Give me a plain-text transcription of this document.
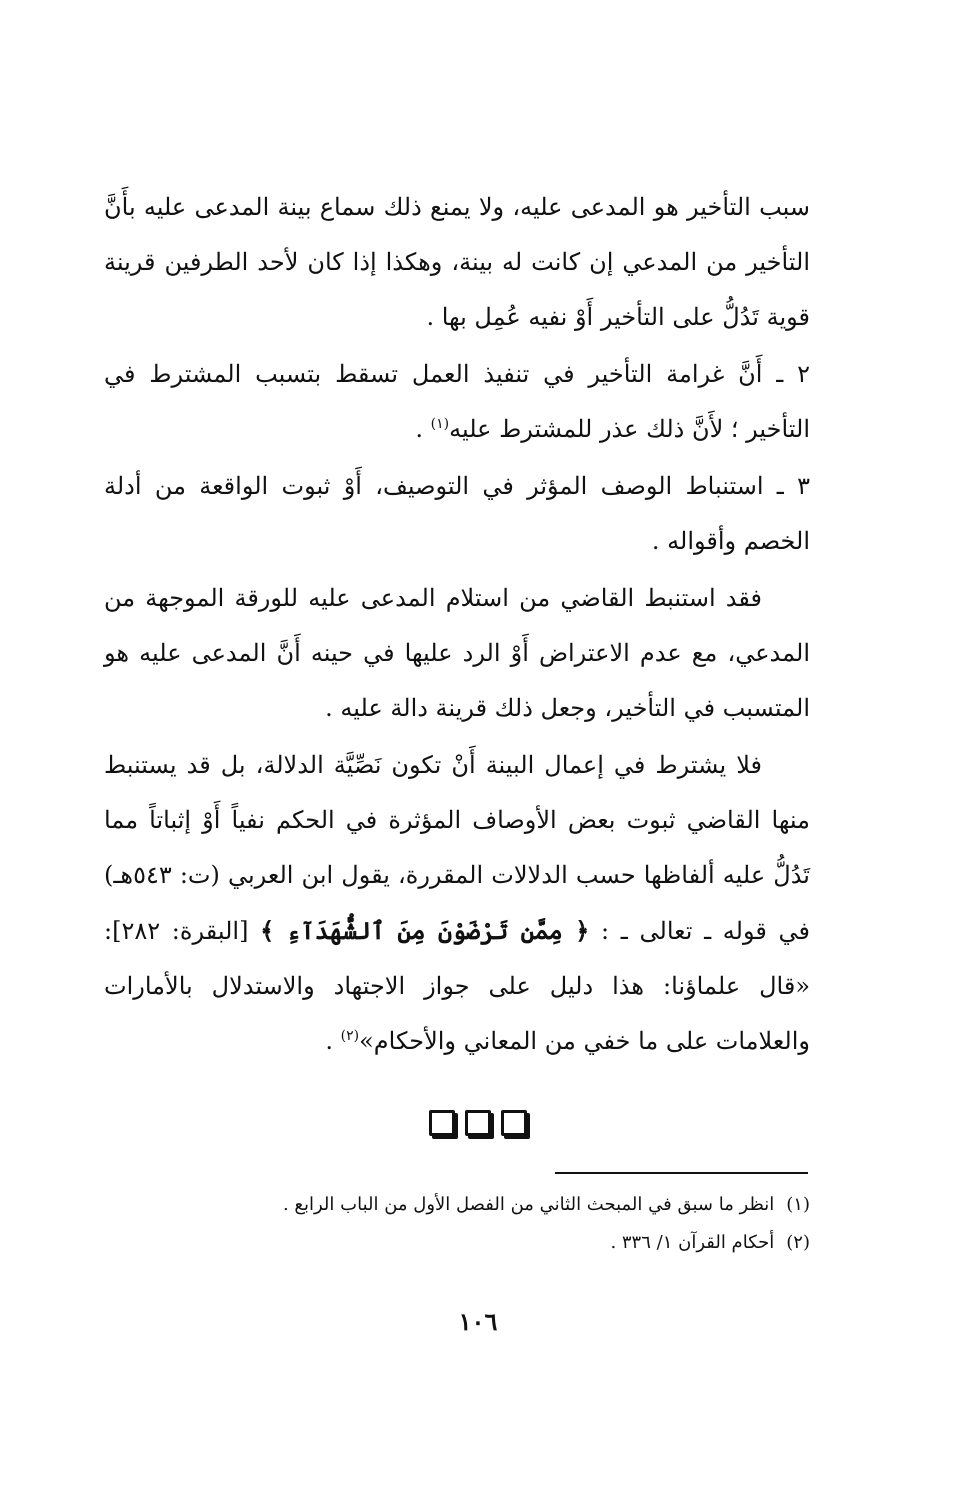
سبب التأخير هو المدعى عليه، ولا يمنع ذلك سماع بينة المدعى عليه بأَنَّ التأخير من المدعي إن كانت له بينة، وهكذا إذا كان لأحد الطرفين قرينة قوية تَدُلُّ على التأخير أَوْ نفيه عُمِل بها .

٢ ـ أَنَّ غرامة التأخير في تنفيذ العمل تسقط بتسبب المشترط في التأخير ؛ لأَنَّ ذلك عذر للمشترط عليه$^{(١)}$ .

٣ ـ استنباط الوصف المؤثر في التوصيف، أَوْ ثبوت الواقعة من أدلة الخصم وأقواله .

فقد استنبط القاضي من استلام المدعى عليه للورقة الموجهة من المدعي، مع عدم الاعتراض أَوْ الرد عليها في حينه أَنَّ المدعى عليه هو المتسبب في التأخير، وجعل ذلك قرينة دالة عليه .

فلا يشترط في إعمال البينة أَنْ تكون نَصِّيَّة الدلالة، بل قد يستنبط منها القاضي ثبوت بعض الأوصاف المؤثرة في الحكم نفياً أَوْ إثباتاً مما تَدُلُّ عليه ألفاظها حسب الدلالات المقررة، يقول ابن العربي (ت: ٥٤٣هـ) في قوله ـ تعالى ـ : ﴿ مِمَّن تَرْضَوْنَ مِنَ ٱلشُّهَدَآءِ ﴾ [البقرة: ٢٨٢]: «قال علماؤنا: هذا دليل على جواز الاجتهاد والاستدلال بالأمارات والعلامات على ما خفي من المعاني والأحكام»$^{(٢)}$ .

(١)انظر ما سبق في المبحث الثاني من الفصل الأول من الباب الرابع .

(٢)أحكام القرآن ١/ ٣٣٦ .

١٠٦
